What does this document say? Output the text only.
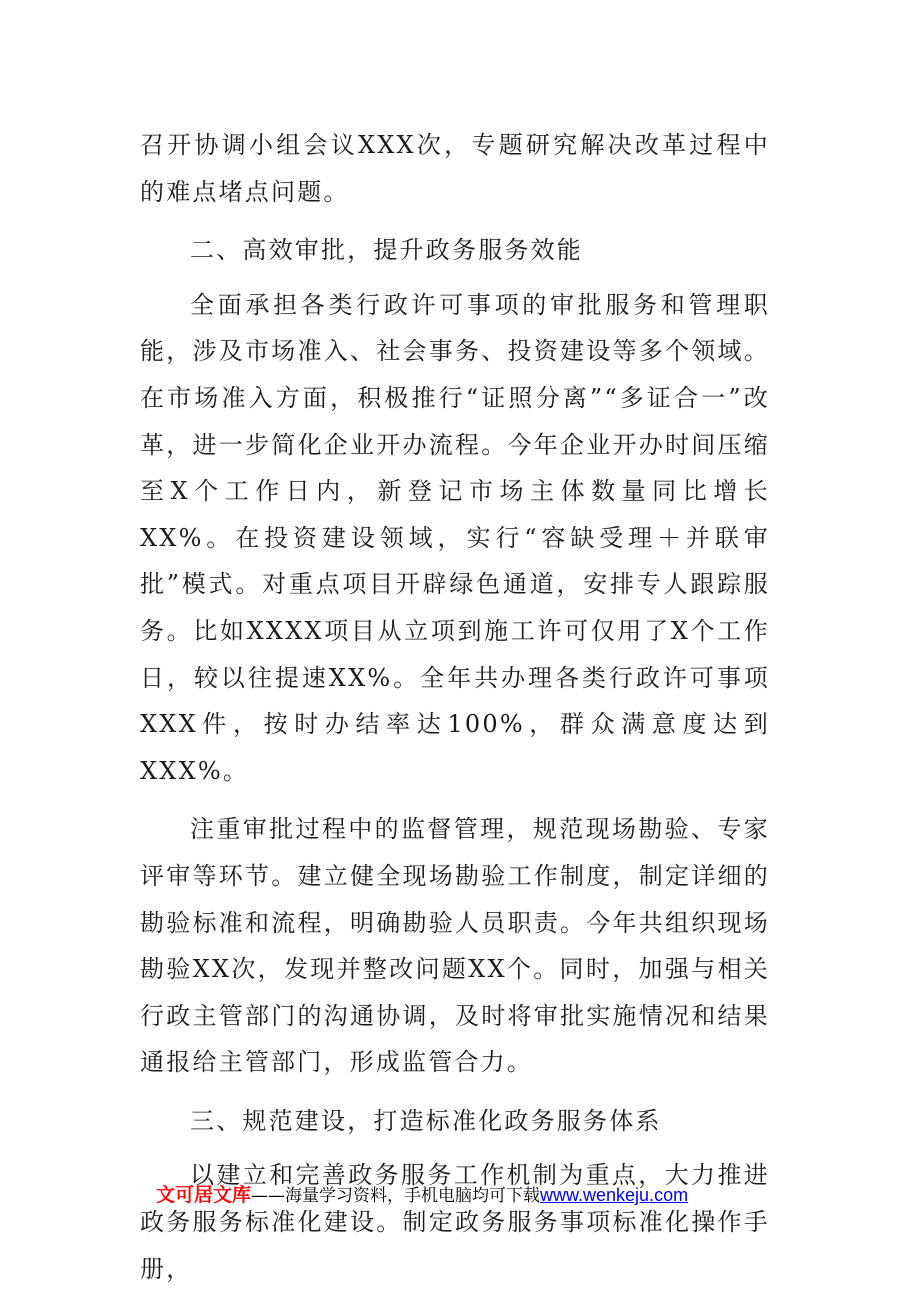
召开协调小组会议XXX次，专题研究解决改革过程中的难点堵点问题。

二、高效审批，提升政务服务效能

全面承担各类行政许可事项的审批服务和管理职能，涉及市场准入、社会事务、投资建设等多个领域。在市场准入方面，积极推行“证照分离”“多证合一”改革，进一步简化企业开办流程。今年企业开办时间压缩至X个工作日内，新登记市场主体数量同比增长XX%。在投资建设领域，实行“容缺受理＋并联审批”模式。对重点项目开辟绿色通道，安排专人跟踪服务。比如XXXX项目从立项到施工许可仅用了X个工作日，较以往提速XX%。全年共办理各类行政许可事项XXX件，按时办结率达100%，群众满意度达到XXX%。

注重审批过程中的监督管理，规范现场勘验、专家评审等环节。建立健全现场勘验工作制度，制定详细的勘验标准和流程，明确勘验人员职责。今年共组织现场勘验XX次，发现并整改问题XX个。同时，加强与相关行政主管部门的沟通协调，及时将审批实施情况和结果通报给主管部门，形成监管合力。

三、规范建设，打造标准化政务服务体系

以建立和完善政务服务工作机制为重点，大力推进政务服务标准化建设。制定政务服务事项标准化操作手册，

文可居文库——海量学习资料，手机电脑均可下载www.wenkeju.com
